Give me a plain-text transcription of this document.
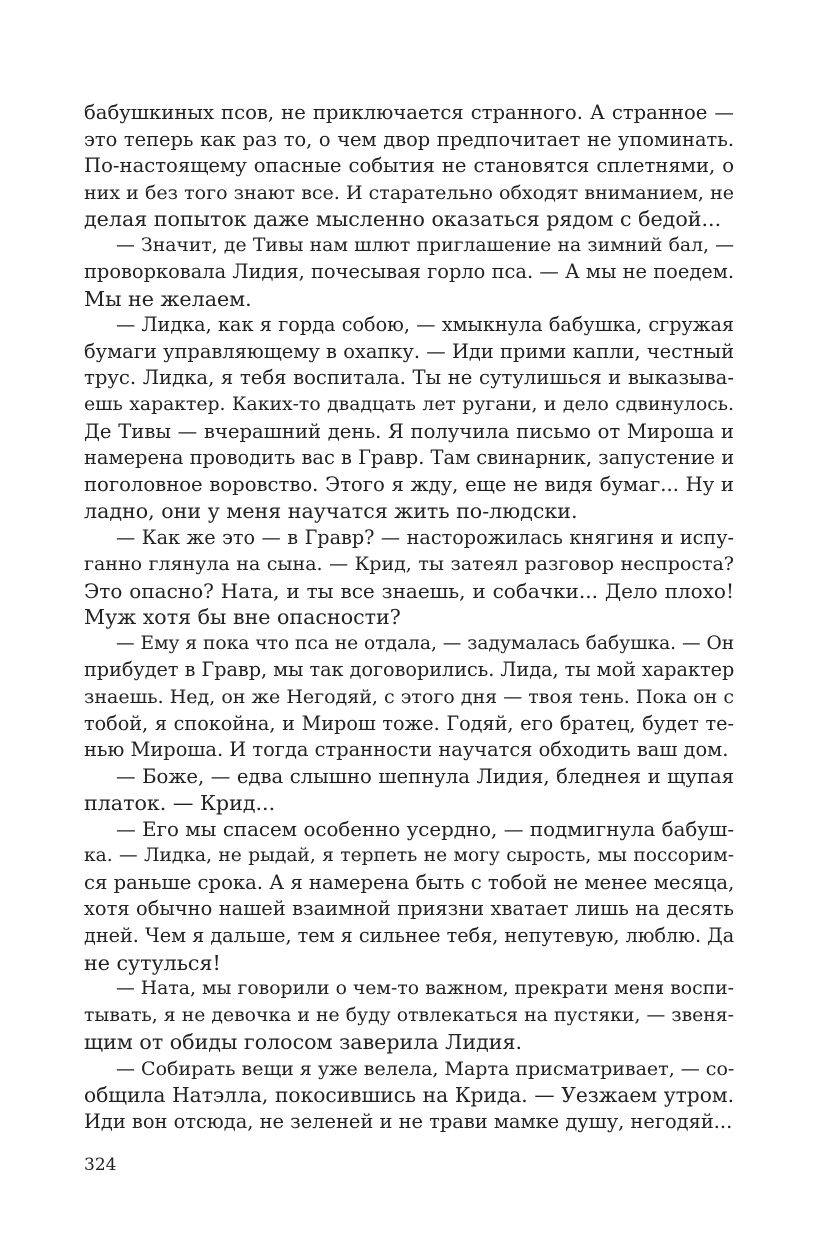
бабушкиных псов, не приключается странного. А странное —
это теперь как раз то, о чем двор предпочитает не упоминать.
По-настоящему опасные события не становятся сплетнями, о
них и без того знают все. И старательно обходят вниманием, не
делая попыток даже мысленно оказаться рядом с бедой...
— Значит, де Тивы нам шлют приглашение на зимний бал, —
проворковала Лидия, почесывая горло пса. — А мы не поедем.
Мы не желаем.
— Лидка, как я горда собою, — хмыкнула бабушка, сгружая
бумаги управляющему в охапку. — Иди прими капли, честный
трус. Лидка, я тебя воспитала. Ты не сутулишься и выказыва-
ешь характер. Каких-то двадцать лет ругани, и дело сдвинулось.
Де Тивы — вчерашний день. Я получила письмо от Мироша и
намерена проводить вас в Гравр. Там свинарник, запустение и
поголовное воровство. Этого я жду, еще не видя бумаг... Ну и
ладно, они у меня научатся жить по-людски.
— Как же это — в Гравр? — насторожилась княгиня и испу-
ганно глянула на сына. — Крид, ты затеял разговор неспроста?
Это опасно? Ната, и ты все знаешь, и собачки... Дело плохо!
Муж хотя бы вне опасности?
— Ему я пока что пса не отдала, — задумалась бабушка. — Он
прибудет в Гравр, мы так договорились. Лида, ты мой характер
знаешь. Нед, он же Негодяй, с этого дня — твоя тень. Пока он с
тобой, я спокойна, и Мирош тоже. Годяй, его братец, будет те-
нью Мироша. И тогда странности научатся обходить ваш дом.
— Боже, — едва слышно шепнула Лидия, бледнея и щупая
платок. — Крид...
— Его мы спасем особенно усердно, — подмигнула бабуш-
ка. — Лидка, не рыдай, я терпеть не могу сырость, мы поссорим-
ся раньше срока. А я намерена быть с тобой не менее месяца,
хотя обычно нашей взаимной приязни хватает лишь на десять
дней. Чем я дальше, тем я сильнее тебя, непутевую, люблю. Да
не сутулься!
— Ната, мы говорили о чем-то важном, прекрати меня воспи-
тывать, я не девочка и не буду отвлекаться на пустяки, — звеня-
щим от обиды голосом заверила Лидия.
— Собирать вещи я уже велела, Марта присматривает, — со-
общила Натэлла, покосившись на Крида. — Уезжаем утром.
Иди вон отсюда, не зеленей и не трави мамке душу, негодяй...
324
